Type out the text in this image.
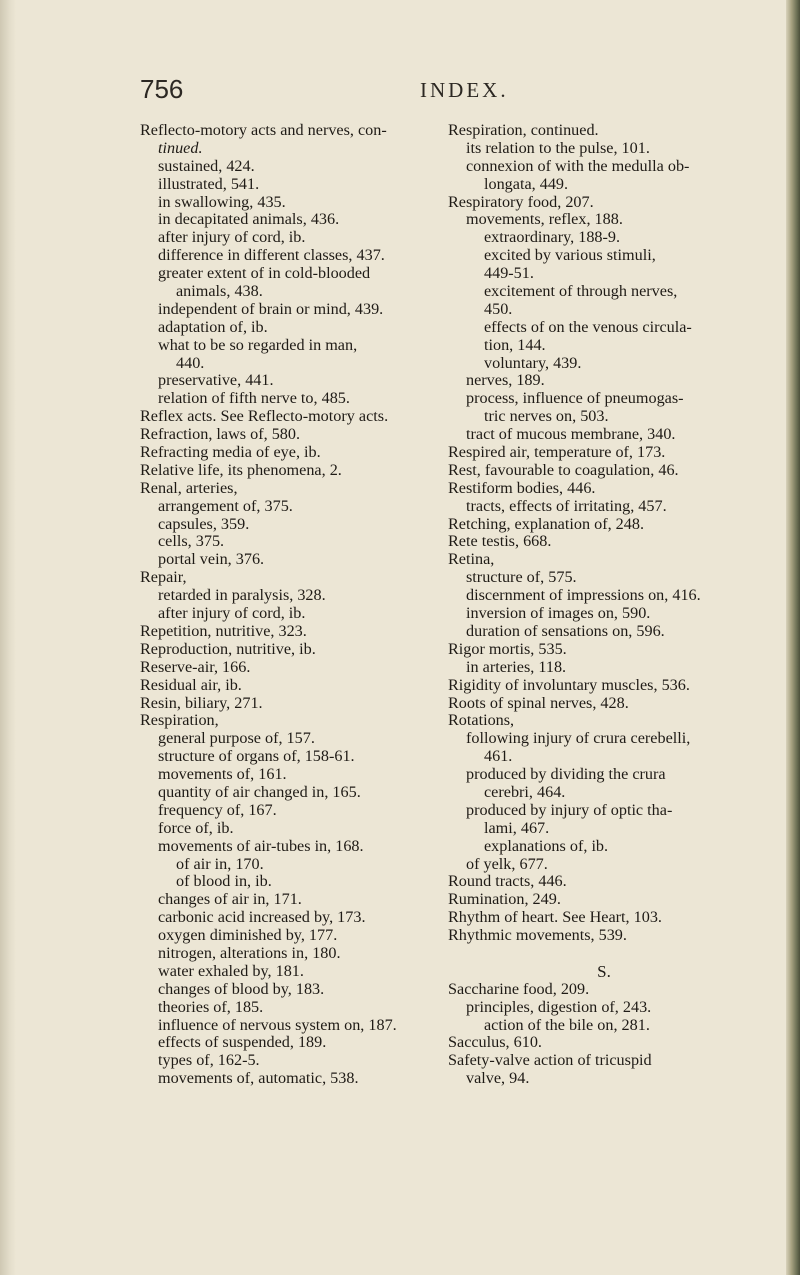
756	INDEX.
Reflecto-motory acts and nerves, con-
tinued.
sustained, 424.
illustrated, 541.
in swallowing, 435.
in decapitated animals, 436.
after injury of cord, ib.
difference in different classes, 437.
greater extent of in cold-blooded
animals, 438.
independent of brain or mind, 439.
adaptation of, ib.
what to be so regarded in man,
440.
preservative, 441.
relation of fifth nerve to, 485.
Reflex acts. See Reflecto-motory acts.
Refraction, laws of, 580.
Refracting media of eye, ib.
Relative life, its phenomena, 2.
Renal, arteries,
arrangement of, 375.
capsules, 359.
cells, 375.
portal vein, 376.
Repair,
retarded in paralysis, 328.
after injury of cord, ib.
Repetition, nutritive, 323.
Reproduction, nutritive, ib.
Reserve-air, 166.
Residual air, ib.
Resin, biliary, 271.
Respiration,
general purpose of, 157.
structure of organs of, 158-61.
movements of, 161.
quantity of air changed in, 165.
frequency of, 167.
force of, ib.
movements of air-tubes in, 168.
of air in, 170.
of blood in, ib.
changes of air in, 171.
carbonic acid increased by, 173.
oxygen diminished by, 177.
nitrogen, alterations in, 180.
water exhaled by, 181.
changes of blood by, 183.
theories of, 185.
influence of nervous system on, 187.
effects of suspended, 189.
types of, 162-5.
movements of, automatic, 538.
Respiration, continued.
its relation to the pulse, 101.
connexion of with the medulla ob-
longata, 449.
Respiratory food, 207.
movements, reflex, 188.
extraordinary, 188-9.
excited by various stimuli,
449-51.
excitement of through nerves,
450.
effects of on the venous circula-
tion, 144.
voluntary, 439.
nerves, 189.
process, influence of pneumogas-
tric nerves on, 503.
tract of mucous membrane, 340.
Respired air, temperature of, 173.
Rest, favourable to coagulation, 46.
Restiform bodies, 446.
tracts, effects of irritating, 457.
Retching, explanation of, 248.
Rete testis, 668.
Retina,
structure of, 575.
discernment of impressions on, 416.
inversion of images on, 590.
duration of sensations on, 596.
Rigor mortis, 535.
in arteries, 118.
Rigidity of involuntary muscles, 536.
Roots of spinal nerves, 428.
Rotations,
following injury of crura cerebelli,
461.
produced by dividing the crura
cerebri, 464.
produced by injury of optic tha-
lami, 467.
explanations of, ib.
of yelk, 677.
Round tracts, 446.
Rumination, 249.
Rhythm of heart. See Heart, 103.
Rhythmic movements, 539.
S.
Saccharine food, 209.
principles, digestion of, 243.
action of the bile on, 281.
Sacculus, 610.
Safety-valve action of tricuspid
valve, 94.
